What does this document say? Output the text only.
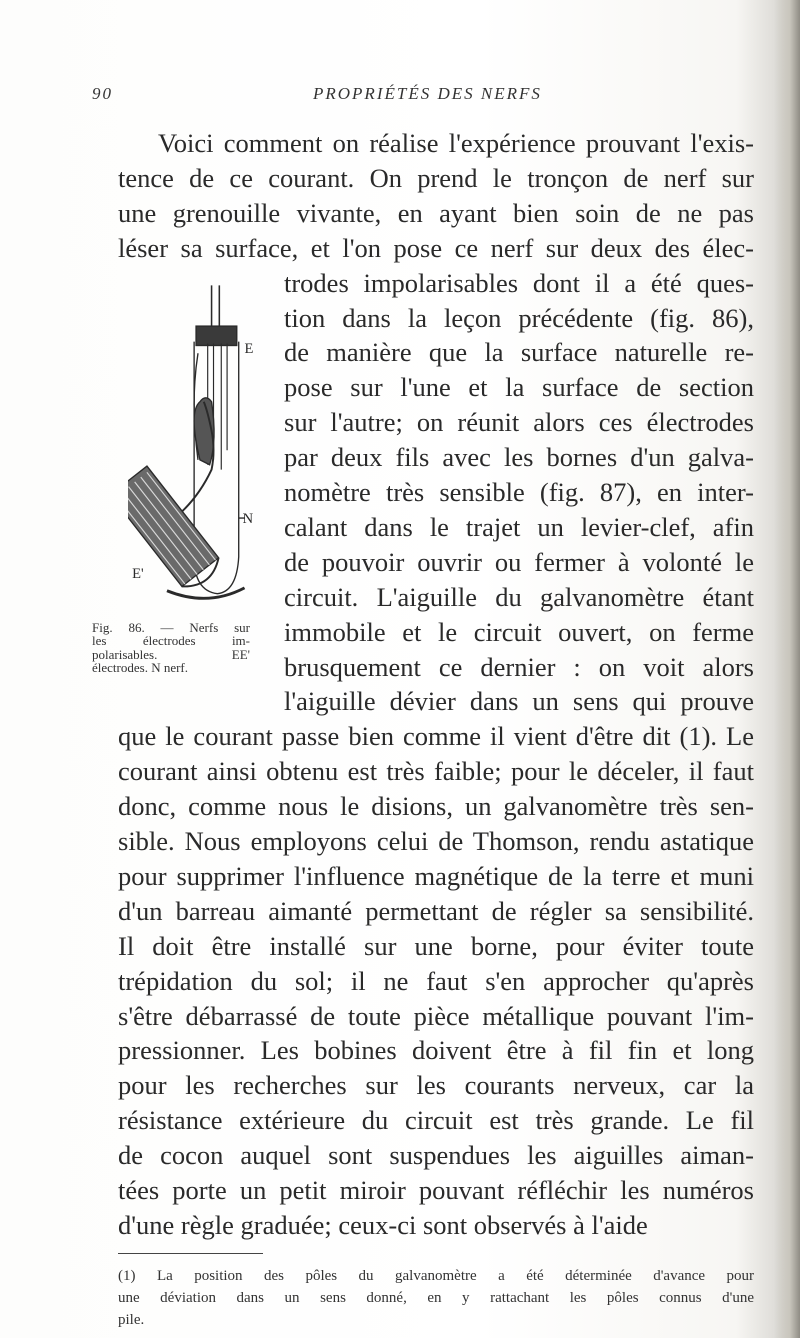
90	PROPRIÉTÉS DES NERFS
N
E
E'
Fig. 86. — Nerfs sur
les électrodes im-
polarisables. EE'
électrodes. N nerf.
Voici comment on réalise l'expérience prouvant l'exis-
tence de ce courant. On prend le tronçon de nerf sur
une grenouille vivante, en ayant bien soin de ne pas
léser sa surface, et l'on pose ce nerf sur deux des élec-
trodes impolarisables dont il a été ques-
tion dans la leçon précédente (fig. 86),
de manière que la surface naturelle re-
pose sur l'une et la surface de section
sur l'autre; on réunit alors ces électrodes
par deux fils avec les bornes d'un galva-
nomètre très sensible (fig. 87), en inter-
calant dans le trajet un levier-clef, afin
de pouvoir ouvrir ou fermer à volonté le
circuit. L'aiguille du galvanomètre étant
immobile et le circuit ouvert, on ferme
brusquement ce dernier : on voit alors
l'aiguille dévier dans un sens qui prouve
que le courant passe bien comme il vient d'être dit (1). Le
courant ainsi obtenu est très faible; pour le déceler, il faut
donc, comme nous le disions, un galvanomètre très sen-
sible. Nous employons celui de Thomson, rendu astatique
pour supprimer l'influence magnétique de la terre et muni
d'un barreau aimanté permettant de régler sa sensibilité.
Il doit être installé sur une borne, pour éviter toute
trépidation du sol; il ne faut s'en approcher qu'après
s'être débarrassé de toute pièce métallique pouvant l'im-
pressionner. Les bobines doivent être à fil fin et long
pour les recherches sur les courants nerveux, car la
résistance extérieure du circuit est très grande. Le fil
de cocon auquel sont suspendues les aiguilles aiman-
tées porte un petit miroir pouvant réfléchir les numéros
d'une règle graduée; ceux-ci sont observés à l'aide
(1) La position des pôles du galvanomètre a été déterminée d'avance pour
une déviation dans un sens donné, en y rattachant les pôles connus d'une
pile.
